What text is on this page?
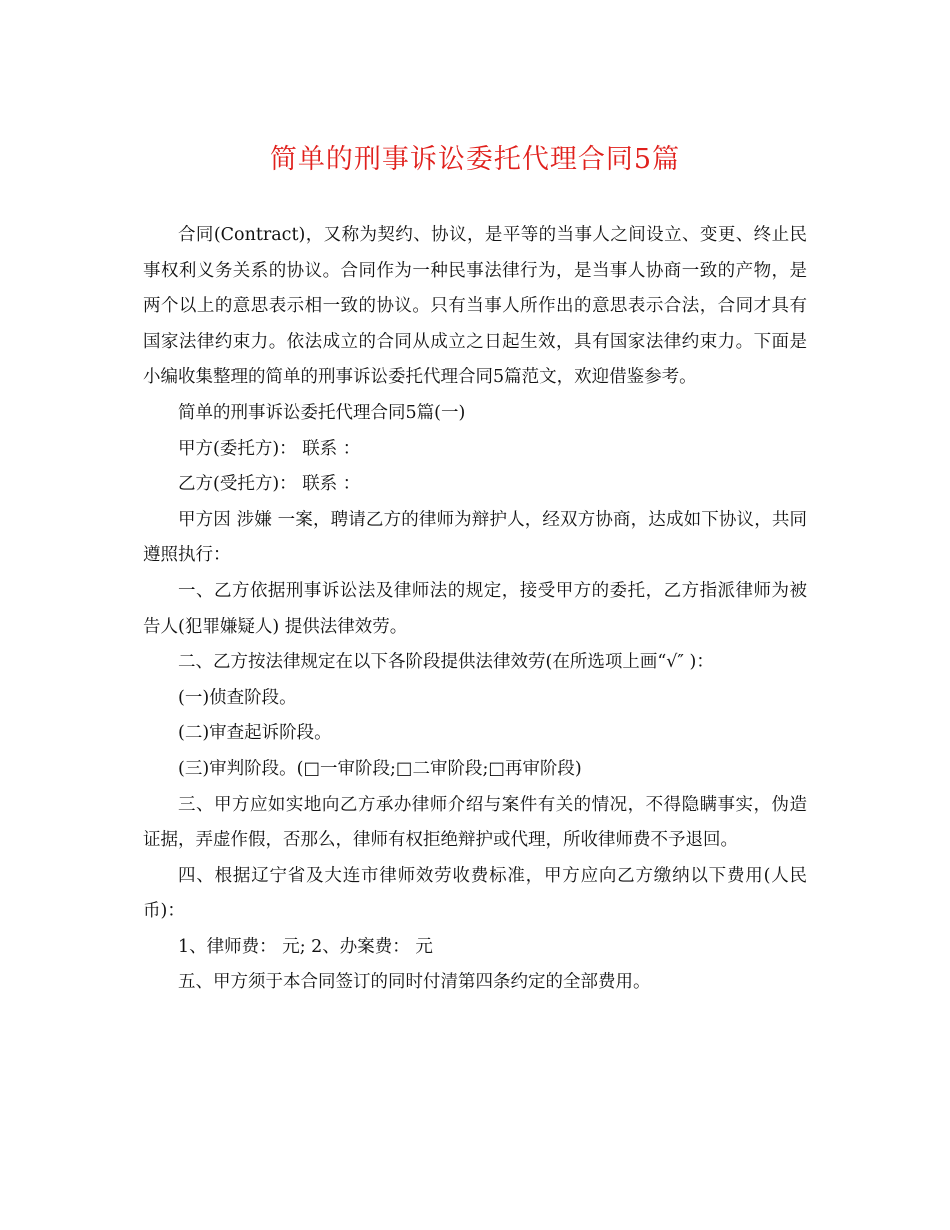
简单的刑事诉讼委托代理合同5篇

合同(Contract)，又称为契约、协议，是平等的当事人之间设立、变更、终止民事权利义务关系的协议。合同作为一种民事法律行为，是当事人协商一致的产物，是两个以上的意思表示相一致的协议。只有当事人所作出的意思表示合法，合同才具有国家法律约束力。依法成立的合同从成立之日起生效，具有国家法律约束力。下面是小编收集整理的简单的刑事诉讼委托代理合同5篇范文，欢迎借鉴参考。

简单的刑事诉讼委托代理合同5篇(一)

甲方(委托方)： 联系 ：

乙方(受托方)： 联系 ：

甲方因 涉嫌 一案，聘请乙方的律师为辩护人，经双方协商，达成如下协议，共同遵照执行：

一、乙方依据刑事诉讼法及律师法的规定，接受甲方的委托，乙方指派律师为被告人(犯罪嫌疑人) 提供法律效劳。

二、乙方按法律规定在以下各阶段提供法律效劳(在所选项上画“√″ )：

(一)侦查阶段。

(二)审查起诉阶段。

(三)审判阶段。(□一审阶段;□二审阶段;□再审阶段)

三、甲方应如实地向乙方承办律师介绍与案件有关的情况，不得隐瞒事实，伪造证据，弄虚作假，否那么，律师有权拒绝辩护或代理，所收律师费不予退回。

四、根据辽宁省及大连市律师效劳收费标准，甲方应向乙方缴纳以下费用(人民币)：

1、律师费： 元; 2、办案费： 元

五、甲方须于本合同签订的同时付清第四条约定的全部费用。
